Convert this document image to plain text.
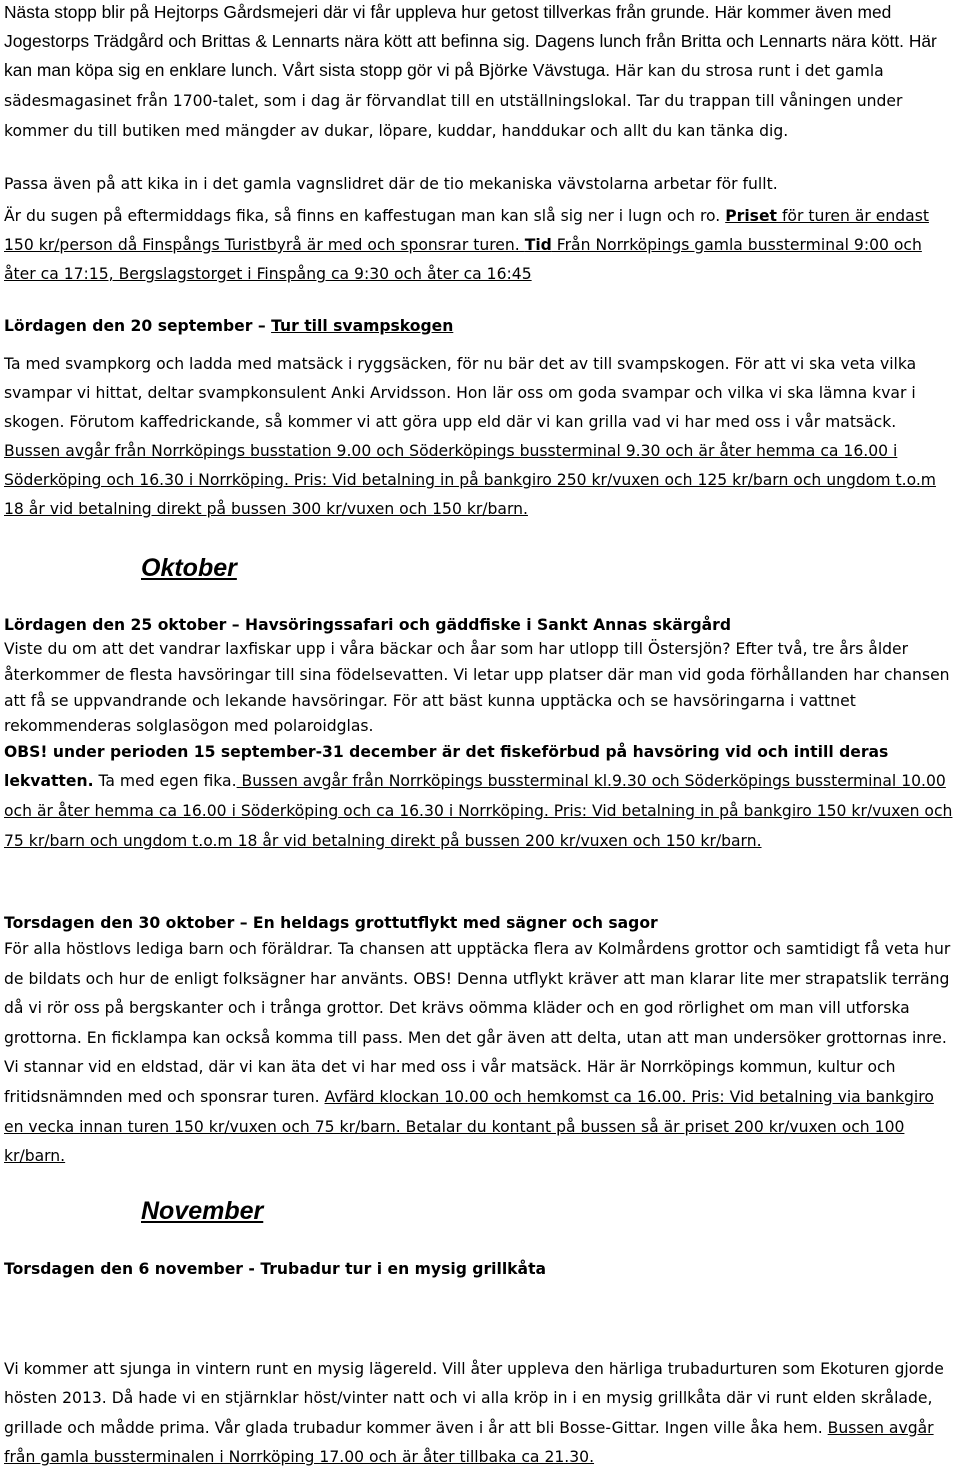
Nästa stopp blir på Hejtorps Gårdsmejeri där vi får uppleva hur getost tillverkas från grunde. Här kommer även med Jogestorps Trädgård och Brittas & Lennarts nära kött att befinna sig. Dagens lunch från Britta och Lennarts nära kött. Här kan man köpa sig en enklare lunch. Vårt sista stopp gör vi på Björke Vävstuga. Här kan du strosa runt i det gamla sädesmagasinet från 1700-talet, som i dag är förvandlat till en utställningslokal. Tar du trappan till våningen under kommer du till butiken med mängder av dukar, löpare, kuddar, handdukar och allt du kan tänka dig.

Passa även på att kika in i det gamla vagnslidret där de tio mekaniska vävstolarna arbetar för fullt.

Är du sugen på eftermiddags fika, så finns en kaffestugan man kan slå sig ner i lugn och ro. Priset för turen är endast 150 kr/person då Finspångs Turistbyrå är med och sponsrar turen. Tid Från Norrköpings gamla bussterminal 9:00 och åter ca 17:15, Bergslagstorget i Finspång ca 9:30 och åter ca 16:45

Lördagen den 20 september – Tur till svampskogen

Ta med svampkorg och ladda med matsäck i ryggsäcken, för nu bär det av till svampskogen. För att vi ska veta vilka svampar vi hittat, deltar svampkonsulent Anki Arvidsson. Hon lär oss om goda svampar och vilka vi ska lämna kvar i skogen. Förutom kaffedrickande, så kommer vi att göra upp eld där vi kan grilla vad vi har med oss i vår matsäck. Bussen avgår från Norrköpings busstation 9.00 och Söderköpings bussterminal 9.30 och är åter hemma ca 16.00 i Söderköping och 16.30 i Norrköping. Pris: Vid betalning in på bankgiro 250 kr/vuxen och 125 kr/barn och ungdom t.o.m 18 år vid betalning direkt på bussen 300 kr/vuxen och 150 kr/barn.

Oktober

Lördagen den 25 oktober – Havsöringssafari och gäddfiske i Sankt Annas skärgård

Viste du om att det vandrar laxfiskar upp i våra bäckar och åar som har utlopp till Östersjön? Efter två, tre års ålder återkommer de flesta havsöringar till sina födelsevatten. Vi letar upp platser där man vid goda förhållanden har chansen att få se uppvandrande och lekande havsöringar. För att bäst kunna upptäcka och se havsöringarna i vattnet rekommenderas solglasögon med polaroidglas.
OBS! under perioden 15 september-31 december är det fiskeförbud på havsöring vid och intill deras lekvatten. Ta med egen fika. Bussen avgår från Norrköpings bussterminal kl.9.30 och Söderköpings bussterminal 10.00 och är åter hemma ca 16.00 i Söderköping och ca 16.30 i Norrköping. Pris: Vid betalning in på bankgiro 150 kr/vuxen och 75 kr/barn och ungdom t.o.m 18 år vid betalning direkt på bussen 200 kr/vuxen och 150 kr/barn.

Torsdagen den 30 oktober – En heldags grottutflykt med sägner och sagor

För alla höstlovs lediga barn och föräldrar. Ta chansen att upptäcka flera av Kolmårdens grottor och samtidigt få veta hur de bildats och hur de enligt folksägner har använts. OBS! Denna utflykt kräver att man klarar lite mer strapatslik terräng då vi rör oss på bergskanter och i trånga grottor. Det krävs oömma kläder och en god rörlighet om man vill utforska grottorna. En ficklampa kan också komma till pass. Men det går även att delta, utan att man undersöker grottornas inre. Vi stannar vid en eldstad, där vi kan äta det vi har med oss i vår matsäck. Här är Norrköpings kommun, kultur och fritidsnämnden med och sponsrar turen. Avfärd klockan 10.00 och hemkomst ca 16.00. Pris: Vid betalning via bankgiro en vecka innan turen 150 kr/vuxen och 75 kr/barn. Betalar du kontant på bussen så är priset 200 kr/vuxen och 100 kr/barn.

November

Torsdagen den 6 november - Trubadur tur i en mysig grillkåta

Vi kommer att sjunga in vintern runt en mysig lägereld. Vill åter uppleva den härliga trubadurturen som Ekoturen gjorde hösten 2013. Då hade vi en stjärnklar höst/vinter natt och vi alla kröp in i en mysig grillkåta där vi runt elden skrålade, grillade och mådde prima. Vår glada trubadur kommer även i år att bli Bosse-Gittar. Ingen ville åka hem. Bussen avgår från gamla bussterminalen i Norrköping 17.00 och är åter tillbaka ca 21.30.
